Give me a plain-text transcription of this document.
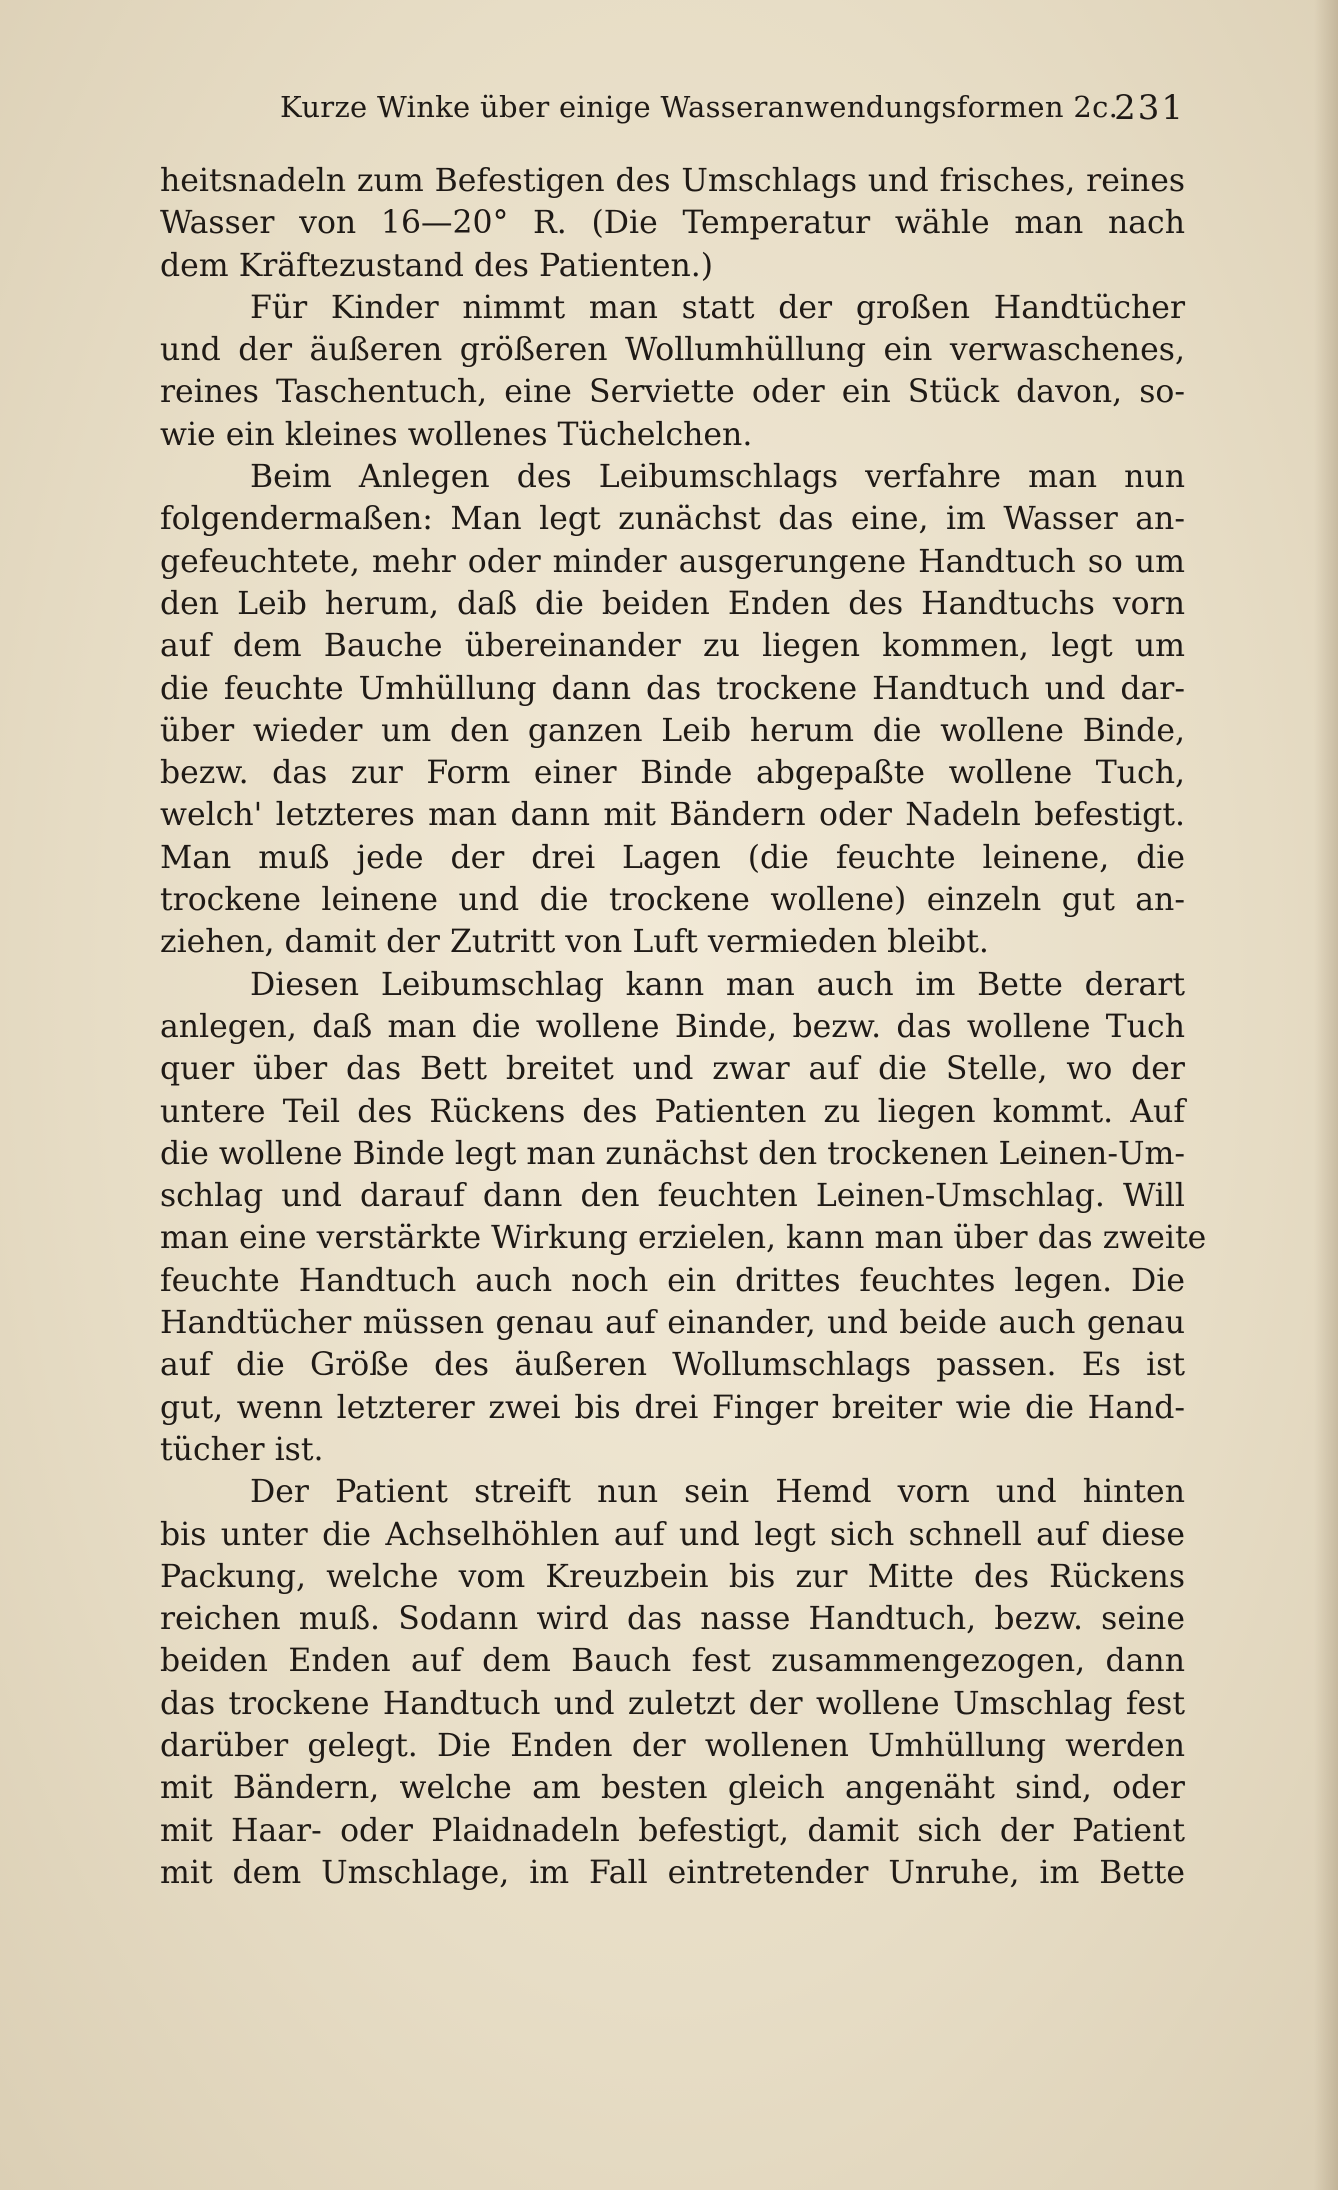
Kurze Winke über einige Wasseranwendungsformen 2c.
231
heitsnadeln zum Befestigen des Umschlags und frisches, reines
Wasser von 16—20° R. (Die Temperatur wähle man nach
dem Kräftezustand des Patienten.)
Für Kinder nimmt man statt der großen Handtücher
und der äußeren größeren Wollumhüllung ein verwaschenes,
reines Taschentuch, eine Serviette oder ein Stück davon, so-
wie ein kleines wollenes Tüchelchen.
Beim Anlegen des Leibumschlags verfahre man nun
folgendermaßen: Man legt zunächst das eine, im Wasser an-
gefeuchtete, mehr oder minder ausgerungene Handtuch so um
den Leib herum, daß die beiden Enden des Handtuchs vorn
auf dem Bauche übereinander zu liegen kommen, legt um
die feuchte Umhüllung dann das trockene Handtuch und dar-
über wieder um den ganzen Leib herum die wollene Binde,
bezw. das zur Form einer Binde abgepaßte wollene Tuch,
welch' letzteres man dann mit Bändern oder Nadeln befestigt.
Man muß jede der drei Lagen (die feuchte leinene, die
trockene leinene und die trockene wollene) einzeln gut an-
ziehen, damit der Zutritt von Luft vermieden bleibt.
Diesen Leibumschlag kann man auch im Bette derart
anlegen, daß man die wollene Binde, bezw. das wollene Tuch
quer über das Bett breitet und zwar auf die Stelle, wo der
untere Teil des Rückens des Patienten zu liegen kommt. Auf
die wollene Binde legt man zunächst den trockenen Leinen-Um-
schlag und darauf dann den feuchten Leinen-Umschlag. Will
man eine verstärkte Wirkung erzielen, kann man über das zweite
feuchte Handtuch auch noch ein drittes feuchtes legen. Die
Handtücher müssen genau auf einander, und beide auch genau
auf die Größe des äußeren Wollumschlags passen. Es ist
gut, wenn letzterer zwei bis drei Finger breiter wie die Hand-
tücher ist.
Der Patient streift nun sein Hemd vorn und hinten
bis unter die Achselhöhlen auf und legt sich schnell auf diese
Packung, welche vom Kreuzbein bis zur Mitte des Rückens
reichen muß. Sodann wird das nasse Handtuch, bezw. seine
beiden Enden auf dem Bauch fest zusammengezogen, dann
das trockene Handtuch und zuletzt der wollene Umschlag fest
darüber gelegt. Die Enden der wollenen Umhüllung werden
mit Bändern, welche am besten gleich angenäht sind, oder
mit Haar- oder Plaidnadeln befestigt, damit sich der Patient
mit dem Umschlage, im Fall eintretender Unruhe, im Bette
